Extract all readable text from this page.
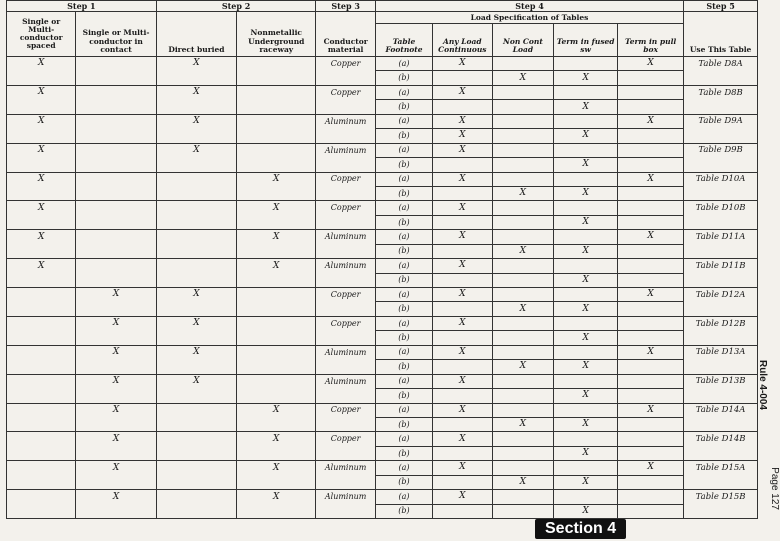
Step 1		Step 2		Step 3	Step 4					Step 5
Single or Multi-conductor spaced	Single or Multi-conductor in contact	Direct buried	Nonmetallic Underground raceway	Conductor material	Load Specification of Tables					Use This Table
					Table Footnote	Any Load Continuous	Non Cont Load	Term in fused sw	Term in pull box	
X		X		Copper	(a)	X			X	Table D8A
					(b)		X	X		
X		X		Copper	(a)	X				Table D8B
					(b)			X		
X		X		Aluminum	(a)	X			X	Table D9A
					(b)	X		X		
X		X		Aluminum	(a)	X				Table D9B
					(b)			X		
X			X	Copper	(a)	X			X	Table D10A
					(b)		X	X		
X			X	Copper	(a)	X				Table D10B
					(b)			X		
X			X	Aluminum	(a)	X			X	Table D11A
					(b)		X	X		
X			X	Aluminum	(a)	X				Table D11B
					(b)			X		
	X	X		Copper	(a)	X			X	Table D12A
					(b)		X	X		
	X	X		Copper	(a)	X				Table D12B
					(b)			X		
	X	X		Aluminum	(a)	X			X	Table D13A
					(b)		X	X		
	X	X		Aluminum	(a)	X				Table D13B
					(b)			X		
	X		X	Copper	(a)	X			X	Table D14A
					(b)		X	X		
	X		X	Copper	(a)	X				Table D14B
					(b)			X		
	X		X	Aluminum	(a)	X			X	Table D15A
					(b)		X	X		
	X		X	Aluminum	(a)	X				Table D15B
					(b)			X		
Rule 4-004
Page 127
Section 4
